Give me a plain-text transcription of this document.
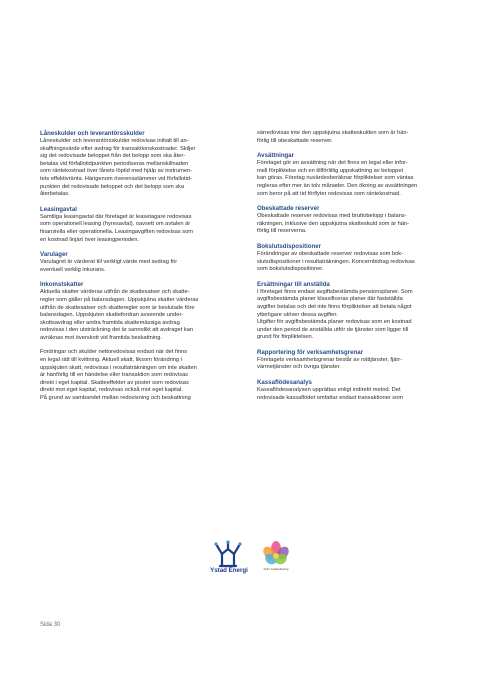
Låneskulder och leverantörsskulder
Låneskulder och leverantörsskulder redovisas initialt till an-
skaffningsvärde efter avdrag för transaktionskostnader. Skiljer
sig det redovisade beloppet från det belopp som ska åter-
betalas vid förfallotidpunkten periodiseras mellanskillnaden
som räntekostnad över lånets löptid med hjälp av instrumen-
tets effektivränta. Härigenom överensstämmer vid förfallotid-
punkten det redovisade beloppet och det belopp som ska
återbetalas.
Leasingavtal
Samtliga leasingavtal där företaget är leasetagare redovisas
som operationell leasing (hyresavtal), oavsett om avtalen är
finansiella eller operationella. Leasingavgiften redovisas som
en kostnad linjärt över leasingperioden.
Varulager
Varulagret är värderat till verkligt värde med avdrag för
eventuell verklig inkurans.
Inkomstskatter
Aktuella skatter värderas utifrån de skattesatser och skatte-
regler som gäller på balansdagen. Uppskjutna skatter värderas
utifrån de skattesatser och skatteregler som är beslutade före
balansdagen. Uppskjuten skattefordran avseende under-
skottsavdrag eller andra framtida skattemässiga avdrag
redovisas i den utsträckning det är sannolikt att avdraget kan
avräknas mot överskott vid framtida beskattning.
Fordringar och skulder nettoredovisas endast när det finns
en legal rätt till kvittning. Aktuell skatt, liksom förändring i
uppskjuten skatt, redovisas i resultaträkningen om inte skatten
är hänförlig till en händelse eller transaktion som redovisas
direkt i eget kapital. Skatteeffekter av poster som redovisas
direkt mot eget kapital, redovisas också mot eget kapital.
På grund av sambandet mellan redovisning och beskattning
särredovisas inte den uppskjutna skatteskulden som är hän-
förlig till obeskattade reserver.
Avsättningar
Företaget gör en avsättning när det finns en legal eller infor-
mell förpliktelse och en tillförlitlig uppskattning av beloppet
kan göras. Företag nuvärdesberäknar förpliktelser som väntas
regleras efter mer än tolv månader. Den ökning av avsättningen
som beror på att tid förflyter redovisas som räntekostnad.
Obeskattade reserver
Obeskattade reserver redovisas med bruttobelopp i balans-
räkningen, inklusive den uppskjutna skatteskuld som är hän-
förlig till reserverna.
Bokslutsdispositioner
Förändringar av obeskattade reserver redovisas som bok-
slutsdispositioner i resultaträkningen. Koncernbidrag redovisas
som bokslutsdispositioner.
Ersättningar till anställda
I företaget finns endast avgiftsbestämda pensionsplaner. Som
avgiftsbestämda planer klassificeras planer där fastställda
avgifter betalas och det inte finns förpliktelser att betala något
ytterligare utöver dessa avgifter.
Utgifter för avgiftsbestämda planer redovisas som en kostnad
under den period de anställda utför de tjänster som ligger till
grund för förpliktelsen.
Rapportering för verksamhetsgrenar
Företagets verksamhetsgrenar består av nättjänster, fjärr-
värmetjänster och övriga tjänster.
Kassaflödesanalys
Kassaflödesanalysen upprättas enligt indirekt metod. Det
redovisade kassaflödet omfattar endast transaktioner som
Ystad Energi	Från Ystadskriving
Sida 30
